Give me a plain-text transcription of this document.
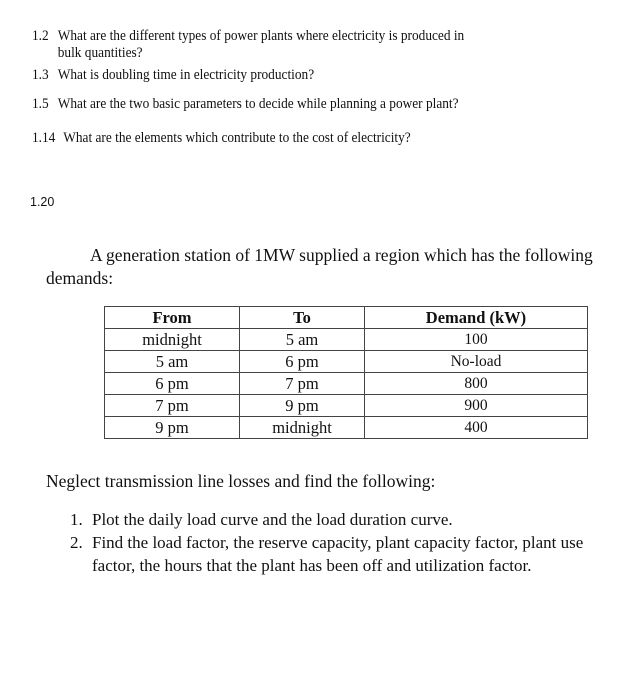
1.2 What are the different types of power plants where electricity is produced in
bulk quantities?
1.3 What is doubling time in electricity production?
1.5 What are the two basic parameters to decide while planning a power plant?
1.14 What are the elements which contribute to the cost of electricity?
1.20

A generation station of 1MW supplied a region which has the following demands:

From	To	Demand (kW)
midnight	5 am	100
5 am	6 pm	No-load
6 pm	7 pm	800
7 pm	9 pm	900
9 pm	midnight	400

Neglect transmission line losses and find the following:

1. Plot the daily load curve and the load duration curve.
2. Find the load factor, the reserve capacity, plant capacity factor, plant use factor, the hours that the plant has been off and utilization factor.
